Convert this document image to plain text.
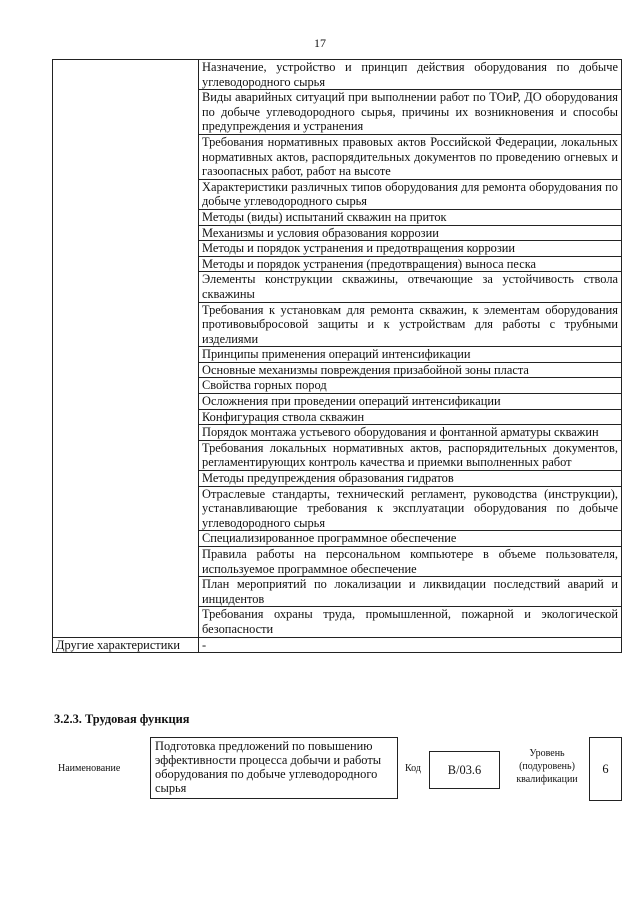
17
	Назначение, устройство и принцип действия оборудования по добыче углеводородного сырья
	Виды аварийных ситуаций при выполнении работ по ТОиР, ДО оборудования по добыче углеводородного сырья, причины их возникновения и способы предупреждения и устранения
	Требования нормативных правовых актов Российской Федерации, локальных нормативных актов, распорядительных документов по проведению огневых и газоопасных работ, работ на высоте
	Характеристики различных типов оборудования для ремонта оборудования по добыче углеводородного сырья
	Методы (виды) испытаний скважин на приток
	Механизмы и условия образования коррозии
	Методы и порядок устранения и предотвращения коррозии
	Методы и порядок устранения (предотвращения) выноса песка
	Элементы конструкции скважины, отвечающие за устойчивость ствола скважины
	Требования к установкам для ремонта скважин, к элементам оборудования противовыбросовой защиты и к устройствам для работы с трубными изделиями
	Принципы применения операций интенсификации
	Основные механизмы повреждения призабойной зоны пласта
	Свойства горных пород
	Осложнения при проведении операций интенсификации
	Конфигурация ствола скважин
	Порядок монтажа устьевого оборудования и фонтанной арматуры скважин
	Требования локальных нормативных актов, распорядительных документов, регламентирующих контроль качества и приемки выполненных работ
	Методы предупреждения образования гидратов
	Отраслевые стандарты, технический регламент, руководства (инструкции), устанавливающие требования к эксплуатации оборудования по добыче углеводородного сырья
	Специализированное программное обеспечение
	Правила работы на персональном компьютере в объеме пользователя, используемое программное обеспечение
	План мероприятий по локализации и ликвидации последствий аварий и инцидентов
	Требования охраны труда, промышленной, пожарной и экологической безопасности
Другие характеристики	-
3.2.3. Трудовая функция
Наименование
Подготовка предложений по повышению эффективности процесса добычи и работы оборудования по добыче углеводородного сырья
Код	B/03.6
Уровень (подуровень) квалификации
6
